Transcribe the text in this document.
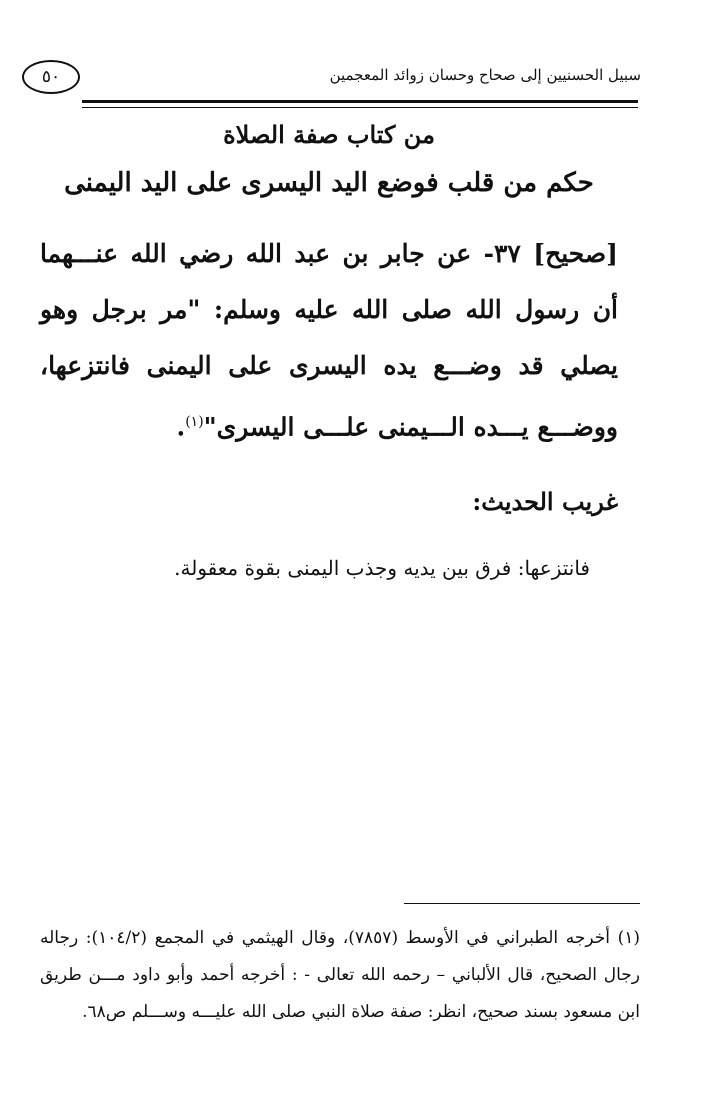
٥٠	سبيل الحسنيين إلى صحاح وحسان زوائد المعجمين

من كتاب صفة الصلاة

حكم من قلب فوضع اليد اليسرى على اليد اليمنى

[صحيح] ٣٧- عن جابر بن عبد الله رضي الله عنـــهما أن رسول الله صلى الله عليه وسلم: "مر برجل وهو يصلي قد وضـــع يده اليسرى على اليمنى فانتزعها، ووضـــع يـــده الـــيمنى علـــى اليسرى"$^{(١)}$.

غريب الحديث:

فانتزعها: فرق بين يديه وجذب اليمنى بقوة معقولة.

(١) أخرجه الطبراني في الأوسط (٧٨٥٧)، وقال الهيثمي في المجمع (١٠٤/٢): رجاله رجال الصحيح، قال الألباني – رحمه الله تعالى - : أخرجه أحمد وأبو داود مـــن طريق ابن مسعود بسند صحيح، انظر: صفة صلاة النبي صلى الله عليـــه وســـلم ص٦٨.
